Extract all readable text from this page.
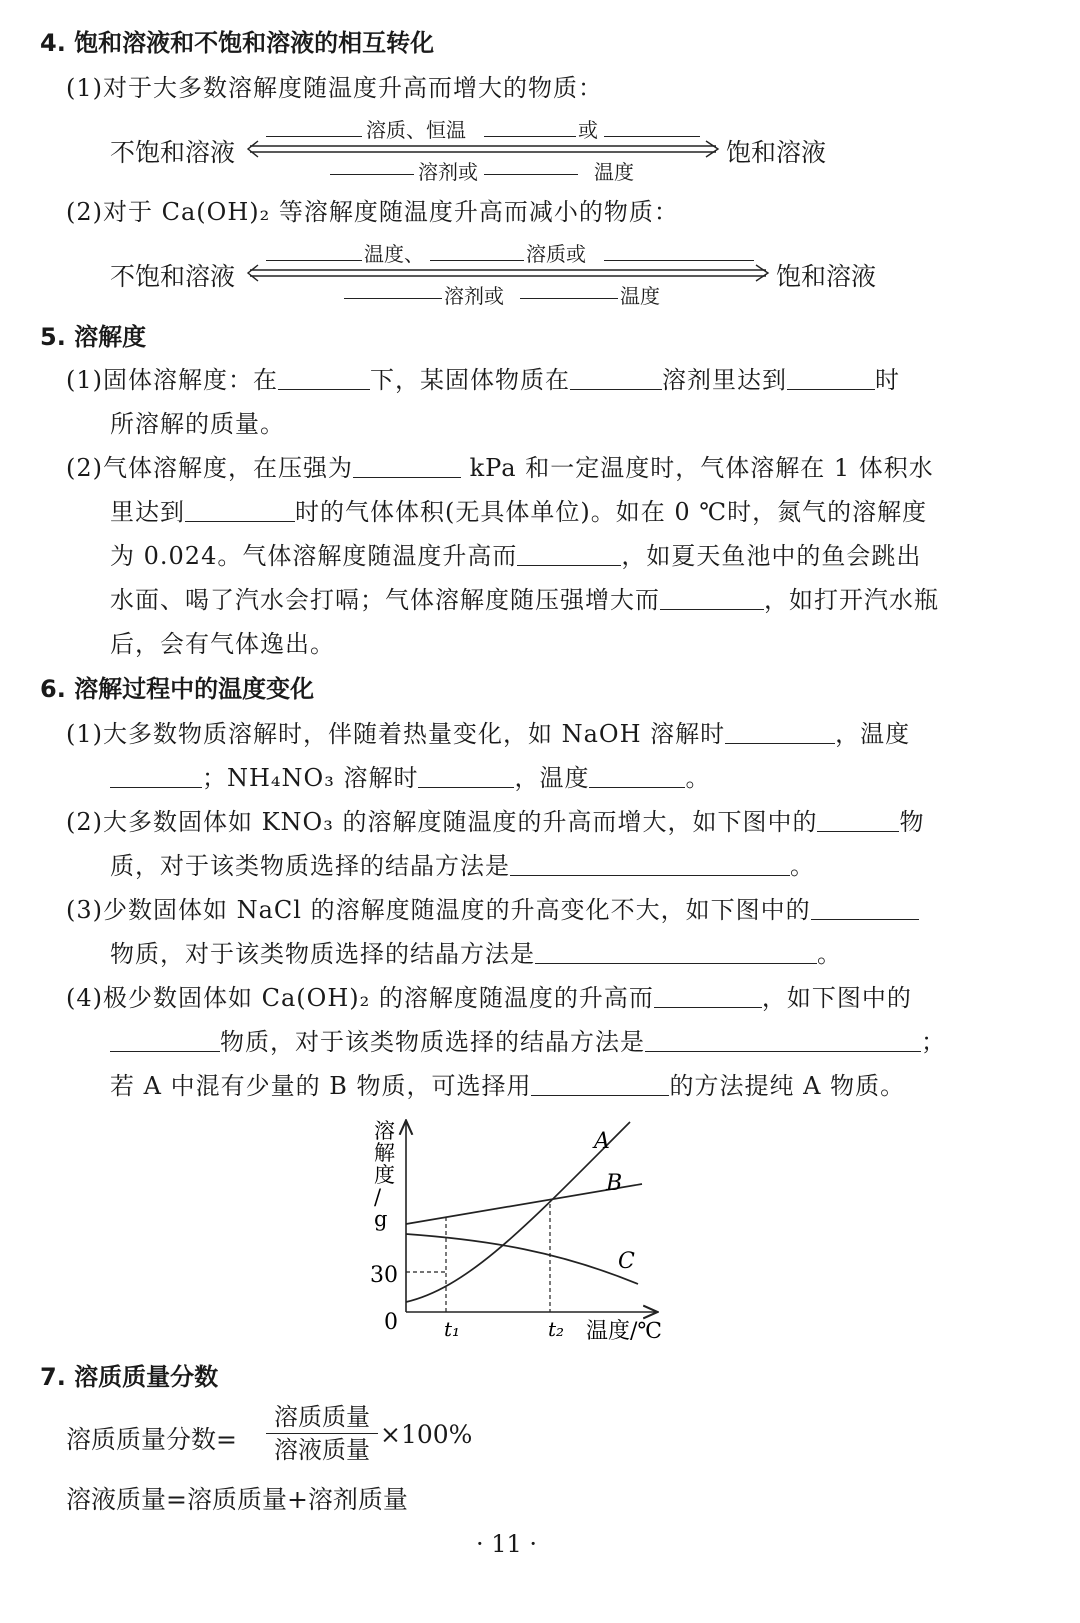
4. 饱和溶液和不饱和溶液的相互转化
(1)对于大多数溶解度随温度升高而增大的物质：
不饱和溶液	饱和溶液
溶质、恒温	或
溶剂或	温度
(2)对于 Ca(OH)₂ 等溶解度随温度升高而减小的物质：
不饱和溶液	饱和溶液
温度、	溶质或
溶剂或	温度
5. 溶解度
(1)固体溶解度：在	下，某固体物质在	溶剂里达到	时
所溶解的质量。
(2)气体溶解度，在压强为	kPa 和一定温度时，气体溶解在 1 体积水
里达到	时的气体体积(无具体单位)。如在 0 ℃时，氮气的溶解度
为 0.024。气体溶解度随温度升高而	，如夏天鱼池中的鱼会跳出
水面、喝了汽水会打嗝；气体溶解度随压强增大而	，如打开汽水瓶
后，会有气体逸出。
6. 溶解过程中的温度变化
(1)大多数物质溶解时，伴随着热量变化，如 NaOH 溶解时	，温度
；NH₄NO₃ 溶解时	，温度	。
(2)大多数固体如 KNO₃ 的溶解度随温度的升高而增大，如下图中的	物
质，对于该类物质选择的结晶方法是	。
(3)少数固体如 NaCl 的溶解度随温度的升高变化不大，如下图中的
物质，对于该类物质选择的结晶方法是	。
(4)极少数固体如 Ca(OH)₂ 的溶解度随温度的升高而	，如下图中的
物质，对于该类物质选择的结晶方法是	；
若 A 中混有少量的 B 物质，可选择用	的方法提纯 A 物质。
溶
解
度
/
g
0
30
t₁	t₂ 温度/℃
A
B
C
7. 溶质质量分数
溶质质量分数=
溶质质量
溶液质量
×100%
溶液质量=溶质质量+溶剂质量
· 11 ·
